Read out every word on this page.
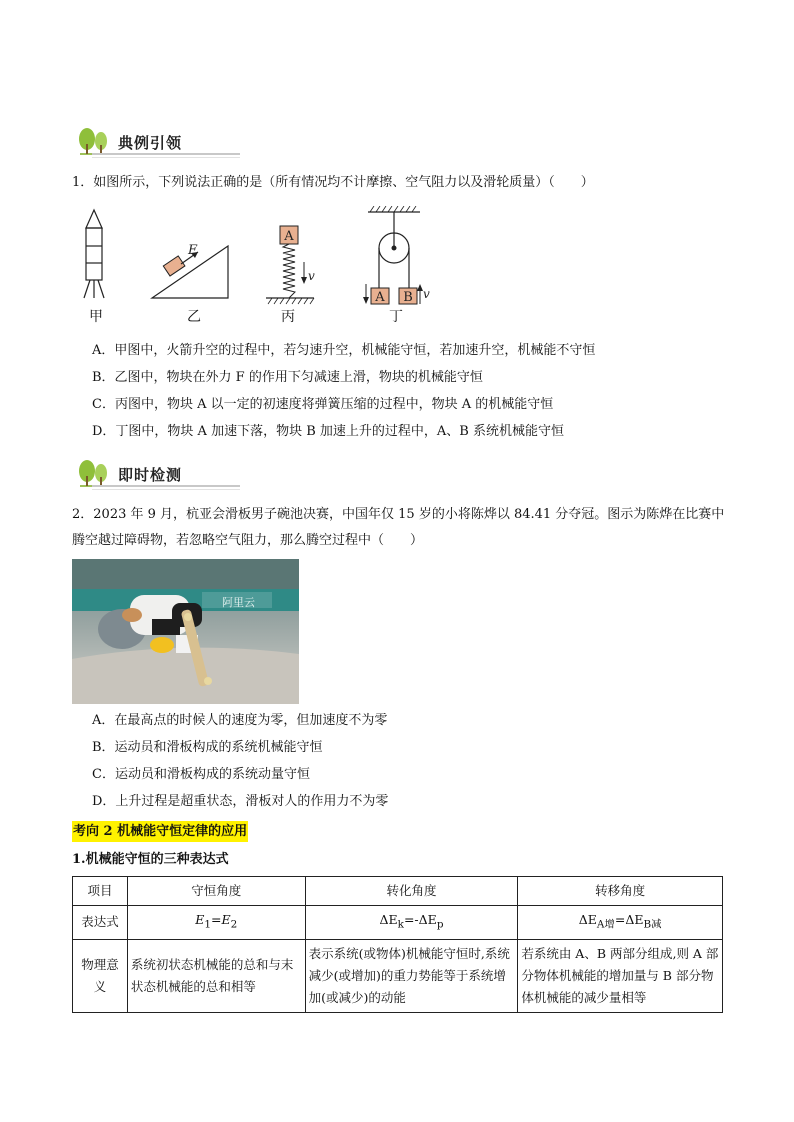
典例引领
1．如图所示，下列说法正确的是（所有情况均不计摩擦、空气阻力以及滑轮质量）（　　）
F
A
v
A B v
甲	乙	丙	丁
A．甲图中，火箭升空的过程中，若匀速升空，机械能守恒，若加速升空，机械能不守恒
B．乙图中，物块在外力 F 的作用下匀减速上滑，物块的机械能守恒
C．丙图中，物块 A 以一定的初速度将弹簧压缩的过程中，物块 A 的机械能守恒
D．丁图中，物块 A 加速下落，物块 B 加速上升的过程中，A、B 系统机械能守恒
即时检测
2．2023 年 9 月，杭亚会滑板男子碗池决赛，中国年仅 15 岁的小将陈烨以 84.41 分夺冠。图示为陈烨在比赛中腾空越过障碍物，若忽略空气阻力，那么腾空过程中（　　）
阿里云
A．在最高点的时候人的速度为零，但加速度不为零
B．运动员和滑板构成的系统机械能守恒
C．运动员和滑板构成的系统动量守恒
D．上升过程是超重状态，滑板对人的作用力不为零
考向 2 机械能守恒定律的应用
1.机械能守恒的三种表达式
项目	守恒角度	转化角度	转移角度
表达式	$E_1=E_2$	$\Delta E_k=-\Delta E_p$	$\Delta E_{A增}=\Delta E_{B减}$
物理意义	系统初状态机械能的总和与末状态机械能的总和相等	表示系统(或物体)机械能守恒时,系统减少(或增加)的重力势能等于系统增加(或减少)的动能	若系统由 A、B 两部分组成,则 A 部分物体机械能的增加量与 B 部分物体机械能的减少量相等
